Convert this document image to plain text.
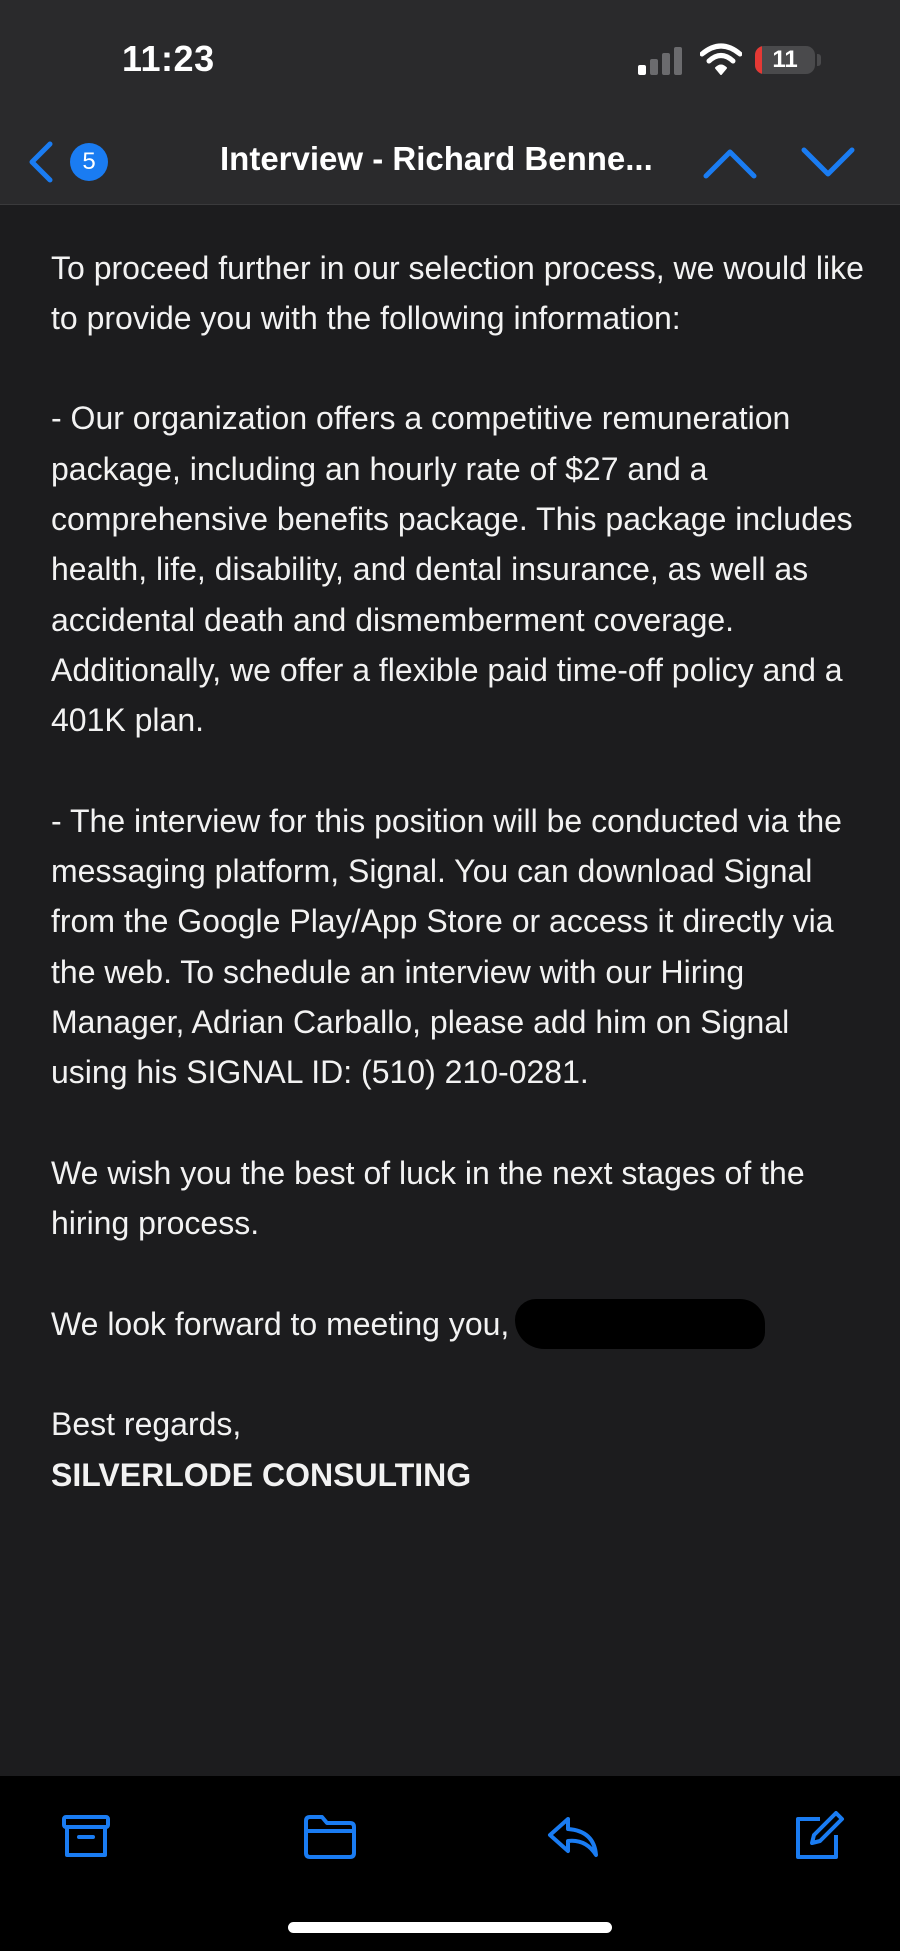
11:23	11
5	Interview - Richard Benne...

To proceed further in our selection process, we would like to provide you with the following information:

- Our organization offers a competitive remuneration package, including an hourly rate of $27 and a comprehensive benefits package. This package includes health, life, disability, and dental insurance, as well as accidental death and dismemberment coverage. Additionally, we offer a flexible paid time-off policy and a 401K plan.

- The interview for this position will be conducted via the messaging platform, Signal. You can download Signal from the Google Play/App Store or access it directly via the web. To schedule an interview with our Hiring Manager, Adrian Carballo, please add him on Signal using his SIGNAL ID: (510) 210-0281.

We wish you the best of luck in the next stages of the hiring process.

We look forward to meeting you,

Best regards,
SILVERLODE CONSULTING
